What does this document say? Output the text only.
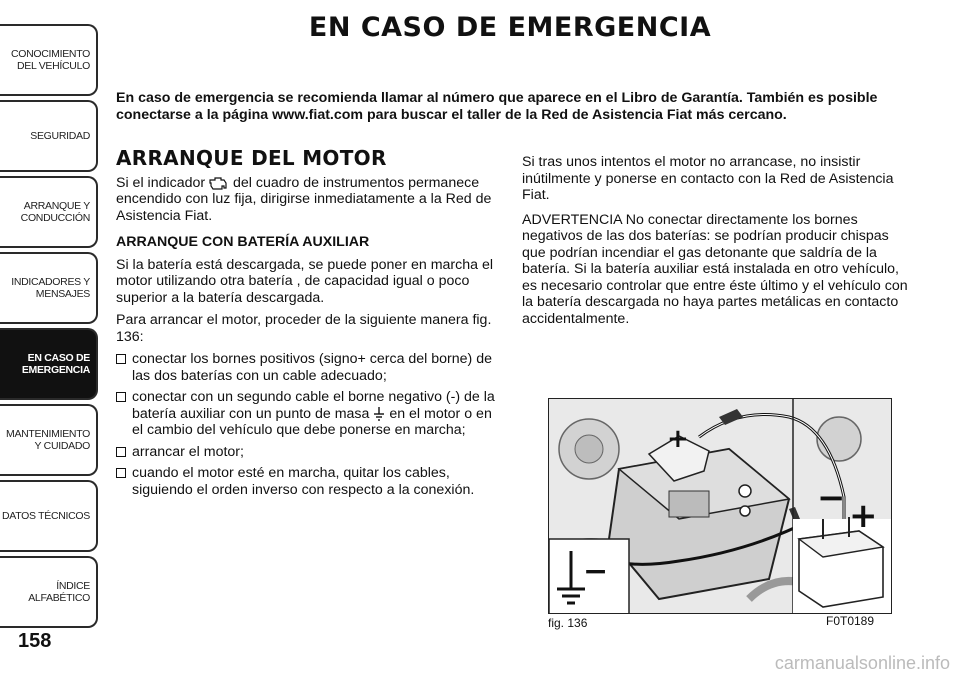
CONOCIMIENTO DEL VEHÍCULO
SEGURIDAD
ARRANQUE Y CONDUCCIÓN
INDICADORES Y MENSAJES
EN CASO DE EMERGENCIA
MANTENIMIENTO Y CUIDADO
DATOS TÉCNICOS
ÍNDICE ALFABÉTICO
158
EN CASO DE EMERGENCIA
En caso de emergencia se recomienda llamar al número que aparece en el Libro de Garantía. También es posible conectarse a la página www.fiat.com para buscar el taller de la Red de Asistencia Fiat más cercano.
ARRANQUE DEL MOTOR
Si el indicador del cuadro de instrumentos permanece encendido con luz fija, dirigirse inmediatamente a la Red de Asistencia Fiat.
ARRANQUE CON BATERÍA AUXILIAR
Si la batería está descargada, se puede poner en marcha el motor utilizando otra batería , de capacidad igual o poco superior a la batería descargada.
Para arrancar el motor, proceder de la siguiente manera fig. 136:
conectar los bornes positivos (signo+ cerca del borne) de las dos baterías con un cable adecuado;
conectar con un segundo cable el borne negativo (-) de la batería auxiliar con un punto de masa en el motor o en el cambio del vehículo que debe ponerse en marcha;
arrancar el motor;
cuando el motor esté en marcha, quitar los cables, siguiendo el orden inverso con respecto a la conexión.
Si tras unos intentos el motor no arrancase, no insistir inútilmente y ponerse en contacto con la Red de Asistencia Fiat.
ADVERTENCIA No conectar directamente los bornes negativos de las dos baterías: se podrían producir chispas que podrían incendiar el gas detonante que saldría de la batería. Si la batería auxiliar está instalada en otro vehículo, es necesario controlar que entre éste último y el vehículo con la batería descargada no haya partes metálicas en contacto accidentalmente.
+
− +
−
fig. 136	F0T0189
carmanualsonline.info
